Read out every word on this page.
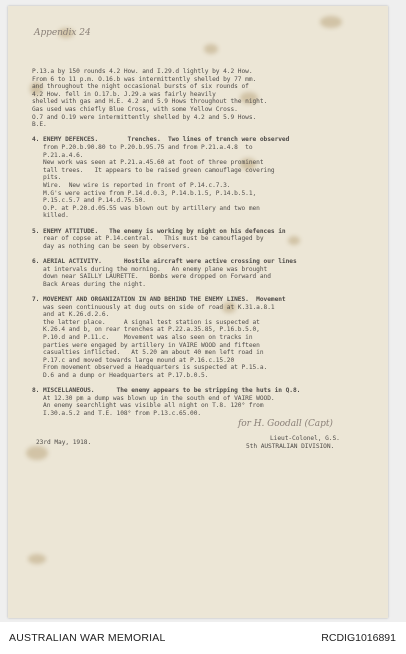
Appendix 24
P.13.a by 150 rounds 4.2 How. and I.29.d lightly by 4.2 How.
From 6 to 11 p.m. O.16.b was intermittently shelled by 77 mm.
and throughout the night occasional bursts of six rounds of
4.2 How. fell in O.17.b. J.29.a was fairly heavily
shelled with gas and H.E. 4.2 and 5.9 Hows throughout the night.
Gas used was chiefly Blue Cross, with some Yellow Cross.
O.7 and O.19 were intermittently shelled by 4.2 and 5.9 Hows.
B.E.
4. ENEMY DEFENCES.        Trenches.  Two lines of trench were observed
from P.20.b.90.80 to P.20.b.95.75 and from P.21.a.4.8  to
P.21.a.4.6.
New work was seen at P.21.a.45.60 at foot of three prominent
tall trees.   It appears to be raised green camouflage covering
pits.
Wire.  New wire is reported in front of P.14.c.7.3.
M.G's were active from P.14.d.0.3, P.14.b.1.5, P.14.b.5.1,
P.15.c.5.7 and P.14.d.75.50.
O.P. at P.20.d.05.55 was blown out by artillery and two men
killed.
5. ENEMY ATTITUDE.   The enemy is working by night on his defences in
rear of copse at P.14.central.   This must be camouflaged by
day as nothing can be seen by observers.
6. AERIAL ACTIVITY.      Hostile aircraft were active crossing our lines
at intervals during the morning.   An enemy plane was brought
down near SAILLY LAURETTE.   Bombs were dropped on Forward and
Back Areas during the night.
7. MOVEMENT AND ORGANIZATION IN AND BEHIND THE ENEMY LINES.  Movement
was seen continuously at dug outs on side of road at K.31.a.8.1
and at K.26.d.2.6.
the latter place.     A signal test station is suspected at
K.26.4 and b, on rear trenches at P.22.a.35.85, P.16.b.5.0,
P.10.d and P.11.c.    Movement was also seen on tracks in
parties were engaged by artillery in VAIRE WOOD and fifteen
casualties inflicted.   At 5.20 am about 40 men left road in
P.17.c and moved towards large mound at P.16.c.15.20
From movement observed a Headquarters is suspected at P.15.a.
D.6 and a dump or Headquarters at P.17.b.0.5.
8. MISCELLANEOUS.      The enemy appears to be stripping the huts in Q.8.
At 12.30 pm a dump was blown up in the south end of VAIRE WOOD.
An enemy searchlight was visible all night on T.8. 120° from
I.30.a.5.2 and T.E. 108° from P.13.c.65.00.
23rd May, 1918.
for H. Goodall (Capt)
Lieut-Colonel, G.S.
5th AUSTRALIAN DIVISION.
AUSTRALIAN WAR MEMORIAL	RCDIG1016891
